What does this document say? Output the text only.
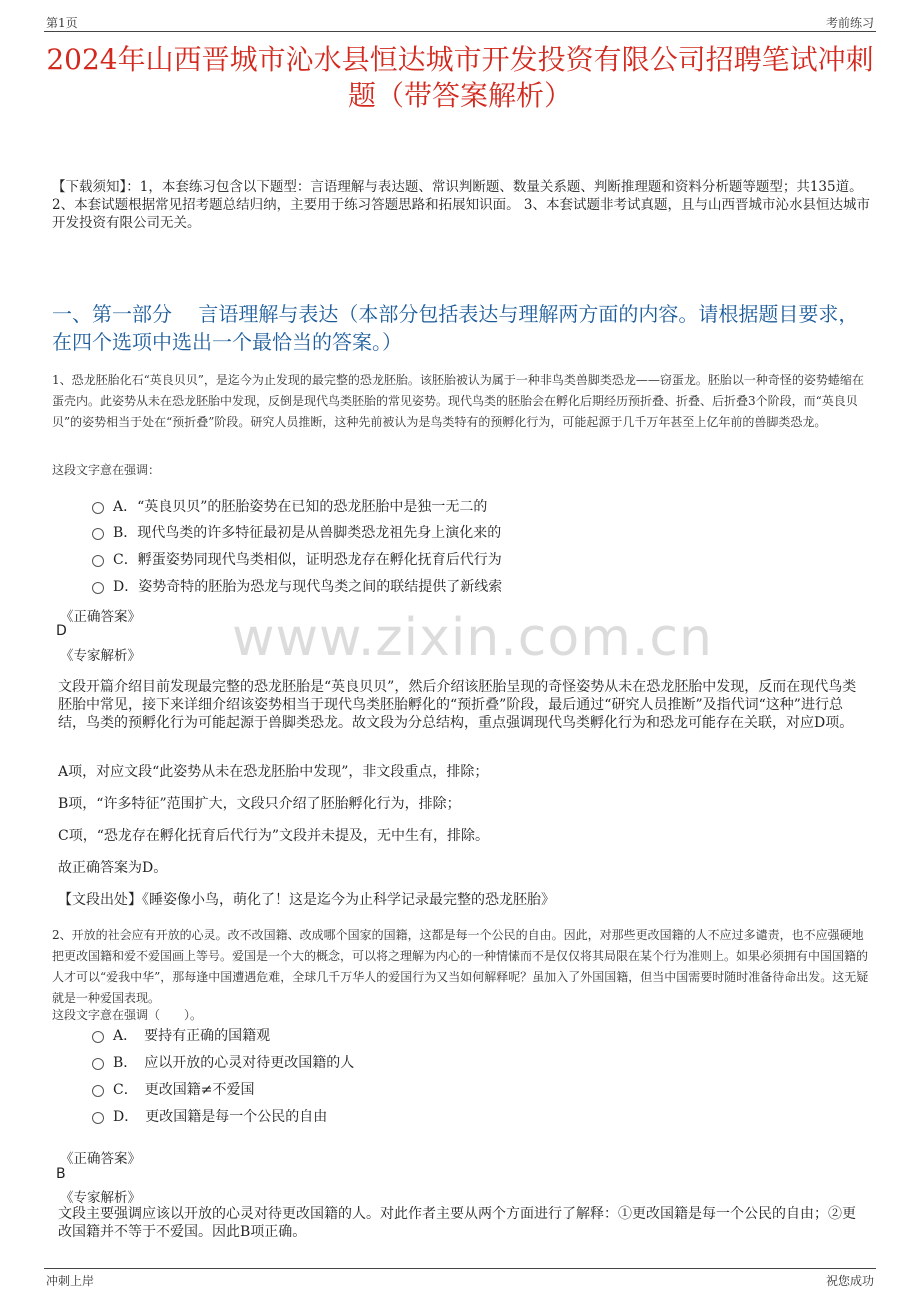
第1页	考前练习
2024年山西晋城市沁水县恒达城市开发投资有限公司招聘笔试冲刺题（带答案解析）
【下载须知】：1，本套练习包含以下题型：言语理解与表达题、常识判断题、数量关系题、判断推理题和资料分析题等题型；共135道。 2、本套试题根据常见招考题总结归纳，主要用于练习答题思路和拓展知识面。 3、本套试题非考试真题，且与山西晋城市沁水县恒达城市开发投资有限公司无关。
一、第一部分　 言语理解与表达（本部分包括表达与理解两方面的内容。请根据题目要求，在四个选项中选出一个最恰当的答案。）
www.zixin.com.cn
1、恐龙胚胎化石“英良贝贝”，是迄今为止发现的最完整的恐龙胚胎。该胚胎被认为属于一种非鸟类兽脚类恐龙——窃蛋龙。胚胎以一种奇怪的姿势蜷缩在蛋壳内。此姿势从未在恐龙胚胎中发现，反倒是现代鸟类胚胎的常见姿势。现代鸟类的胚胎会在孵化后期经历预折叠、折叠、后折叠3个阶段，而“英良贝贝”的姿势相当于处在“预折叠”阶段。研究人员推断，这种先前被认为是鸟类特有的预孵化行为，可能起源于几千万年甚至上亿年前的兽脚类恐龙。
这段文字意在强调：
A．“英良贝贝”的胚胎姿势在已知的恐龙胚胎中是独一无二的
B．现代鸟类的许多特征最初是从兽脚类恐龙祖先身上演化来的
C．孵蛋姿势同现代鸟类相似，证明恐龙存在孵化抚育后代行为
D．姿势奇特的胚胎为恐龙与现代鸟类之间的联结提供了新线索
《正确答案》
D
《专家解析》
文段开篇介绍目前发现最完整的恐龙胚胎是“英良贝贝”，然后介绍该胚胎呈现的奇怪姿势从未在恐龙胚胎中发现，反而在现代鸟类胚胎中常见，接下来详细介绍该姿势相当于现代鸟类胚胎孵化的“预折叠”阶段，最后通过“研究人员推断”及指代词“这种”进行总结，鸟类的预孵化行为可能起源于兽脚类恐龙。故文段为分总结构，重点强调现代鸟类孵化行为和恐龙可能存在关联，对应D项。
A项，对应文段“此姿势从未在恐龙胚胎中发现”，非文段重点，排除；
B项，“许多特征”范围扩大，文段只介绍了胚胎孵化行为，排除；
C项，“恐龙存在孵化抚育后代行为”文段并未提及，无中生有，排除。
故正确答案为D。
【文段出处】《睡姿像小鸟，萌化了！这是迄今为止科学记录最完整的恐龙胚胎》
2、开放的社会应有开放的心灵。改不改国籍、改成哪个国家的国籍，这都是每一个公民的自由。因此，对那些更改国籍的人不应过多谴责，也不应强硬地把更改国籍和爱不爱国画上等号。爱国是一个大的概念，可以将之理解为内心的一种情愫而不是仅仅将其局限在某个行为准则上。如果必须拥有中国国籍的人才可以“爱我中华”，那每逢中国遭遇危难，全球几千万华人的爱国行为又当如何解释呢？虽加入了外国国籍，但当中国需要时随时准备待命出发。这无疑就是一种爱国表现。
这段文字意在强调（　　）。
A．　要持有正确的国籍观
B．　应以开放的心灵对待更改国籍的人
C．　更改国籍≠不爱国
D．　更改国籍是每一个公民的自由
《正确答案》
B
《专家解析》
文段主要强调应该以开放的心灵对待更改国籍的人。对此作者主要从两个方面进行了解释：①更改国籍是每一个公民的自由；②更改国籍并不等于不爱国。因此B项正确。
冲刺上岸	祝您成功
